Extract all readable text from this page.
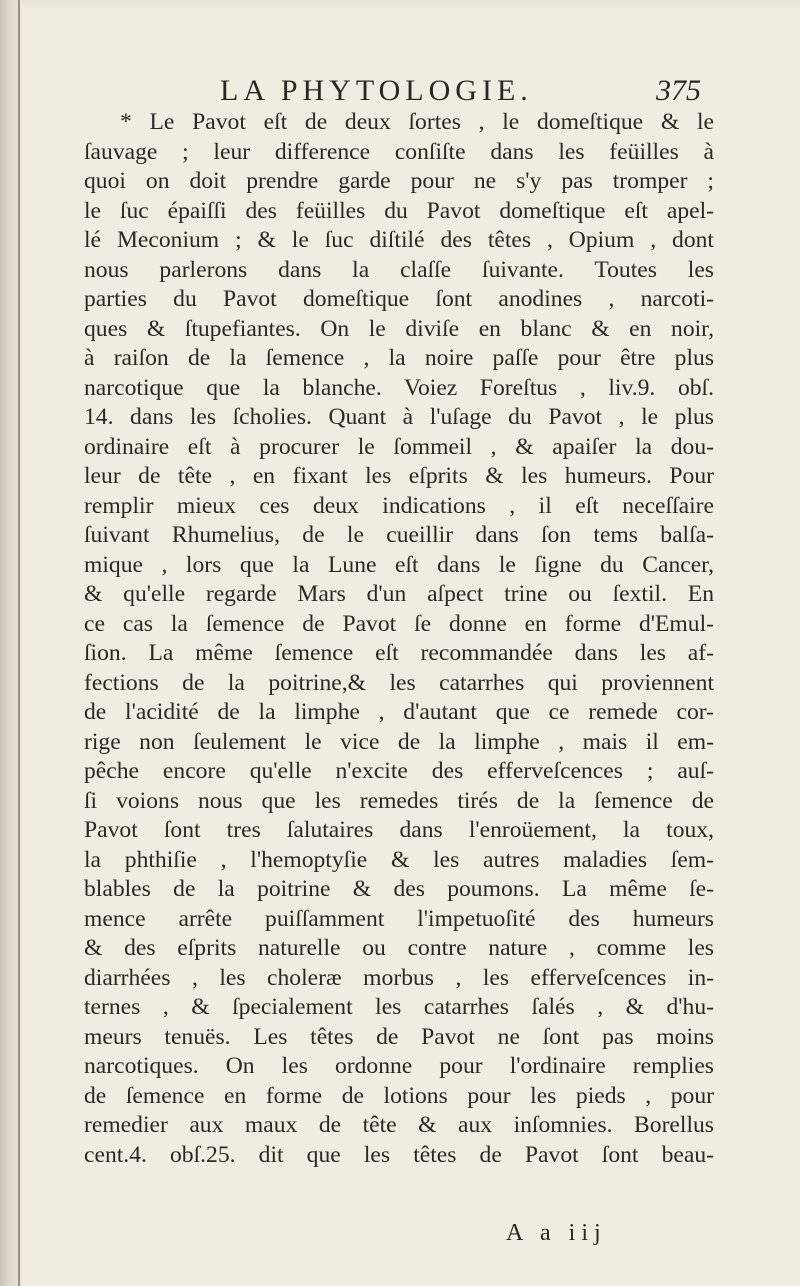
LA PHYTOLOGIE.	375
* Le Pavot eſt de deux ſortes , le domeſtique & le
ſauvage ; leur difference conſiſte dans les feüilles à
quoi on doit prendre garde pour ne s'y pas tromper ;
le ſuc épaiſſi des feüilles du Pavot domeſtique eſt apel-
lé Meconium ; & le ſuc diſtilé des têtes , Opium , dont
nous parlerons dans la claſſe ſuivante. Toutes les
parties du Pavot domeſtique ſont anodines , narcoti-
ques & ſtupefiantes. On le diviſe en blanc & en noir,
à raiſon de la ſemence , la noire paſſe pour être plus
narcotique que la blanche. Voiez Foreſtus , liv.9. obſ.
14. dans les ſcholies. Quant à l'uſage du Pavot , le plus
ordinaire eſt à procurer le ſommeil , & apaiſer la dou-
leur de tête , en fixant les eſprits & les humeurs. Pour
remplir mieux ces deux indications , il eſt neceſſaire
ſuivant Rhumelius, de le cueillir dans ſon tems balſa-
mique , lors que la Lune eſt dans le ſigne du Cancer,
& qu'elle regarde Mars d'un aſpect trine ou ſextil. En
ce cas la ſemence de Pavot ſe donne en forme d'Emul-
ſion. La même ſemence eſt recommandée dans les af-
fections de la poitrine,& les catarrhes qui proviennent
de l'acidité de la limphe , d'autant que ce remede cor-
rige non ſeulement le vice de la limphe , mais il em-
pêche encore qu'elle n'excite des efferveſcences ; auſ-
ſi voions nous que les remedes tirés de la ſemence de
Pavot ſont tres ſalutaires dans l'enroüement, la toux,
la phthiſie , l'hemoptyſie & les autres maladies ſem-
blables de la poitrine & des poumons. La même ſe-
mence arrête puiſſamment l'impetuoſité des humeurs
& des eſprits naturelle ou contre nature , comme les
diarrhées , les choleræ morbus , les efferveſcences in-
ternes , & ſpecialement les catarrhes ſalés , & d'hu-
meurs tenuës. Les têtes de Pavot ne ſont pas moins
narcotiques. On les ordonne pour l'ordinaire remplies
de ſemence en forme de lotions pour les pieds , pour
remedier aux maux de tête & aux inſomnies. Borellus
cent.4. obſ.25. dit que les têtes de Pavot ſont beau-
A a iij
